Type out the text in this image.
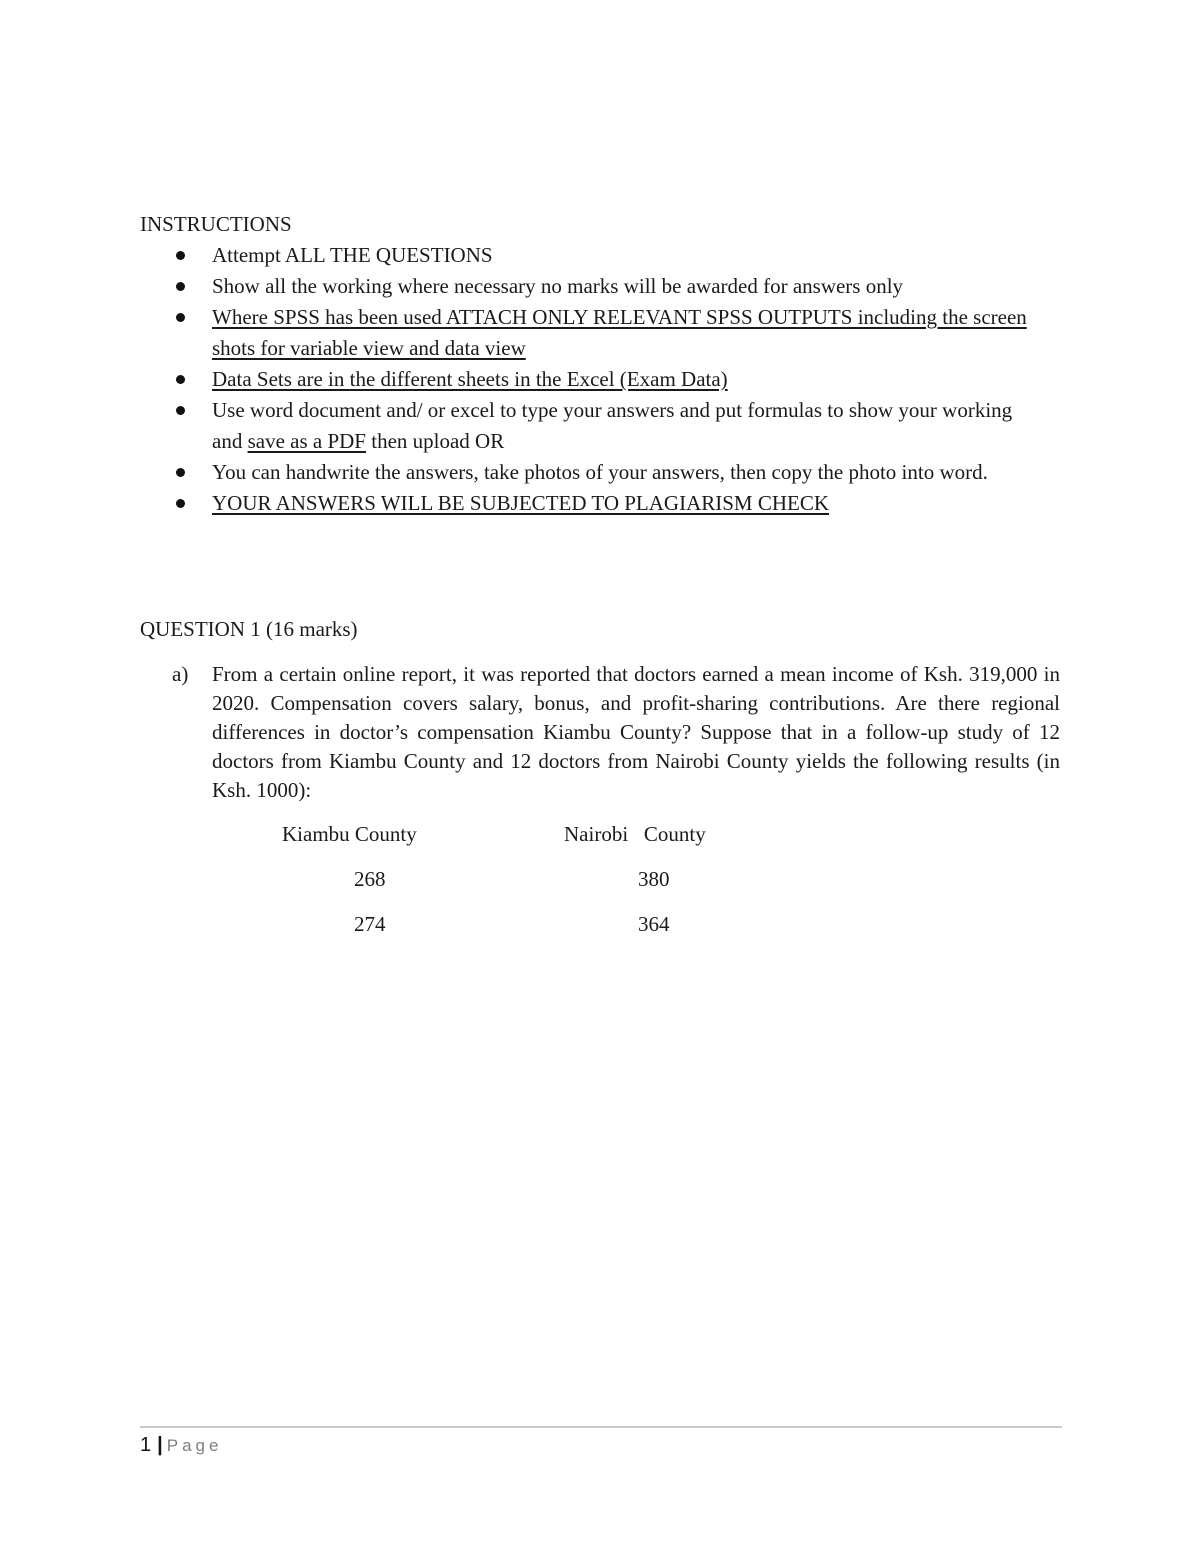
INSTRUCTIONS
Attempt ALL THE QUESTIONS
Show all the working where necessary no marks will be awarded for answers only
Where SPSS has been used ATTACH ONLY RELEVANT SPSS OUTPUTS including the screen shots for variable view and data view
Data Sets are in the different sheets in the Excel (Exam Data)
Use word document and/ or excel to type your answers and put formulas to show your working and save as a PDF then upload OR
You can handwrite the answers, take photos of your answers, then copy the photo into word.
YOUR ANSWERS WILL BE SUBJECTED TO PLAGIARISM CHECK
QUESTION 1 (16 marks)
a) From a certain online report, it was reported that doctors earned a mean income of Ksh. 319,000 in 2020. Compensation covers salary, bonus, and profit-sharing contributions. Are there regional differences in doctor’s compensation Kiambu County? Suppose that in a follow-up study of 12 doctors from Kiambu County and 12 doctors from Nairobi County yields the following results (in Ksh. 1000):
Kiambu County
268
274
Nairobi   County
380
364
1 | Page
